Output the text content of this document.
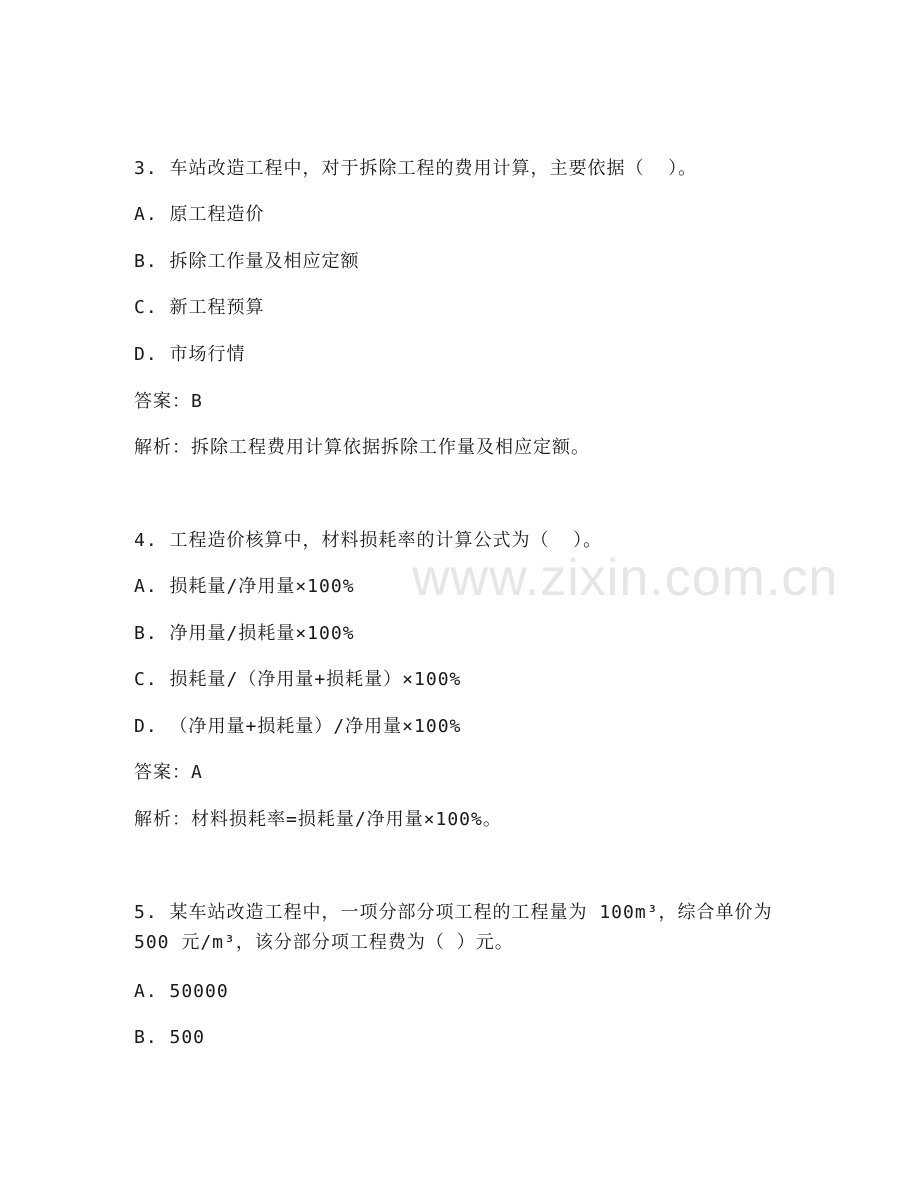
www.zixin.com.cn
3. 车站改造工程中，对于拆除工程的费用计算，主要依据（  ）。
A. 原工程造价
B. 拆除工作量及相应定额
C. 新工程预算
D. 市场行情
答案：B
解析：拆除工程费用计算依据拆除工作量及相应定额。
4. 工程造价核算中，材料损耗率的计算公式为（  ）。
A. 损耗量/净用量×100%
B. 净用量/损耗量×100%
C. 损耗量/（净用量+损耗量）×100%
D. （净用量+损耗量）/净用量×100%
答案：A
解析：材料损耗率=损耗量/净用量×100%。
5. 某车站改造工程中，一项分部分项工程的工程量为 100m³，综合单价为 500 元/m³，该分部分项工程费为（ ）元。
A. 50000
B. 500
